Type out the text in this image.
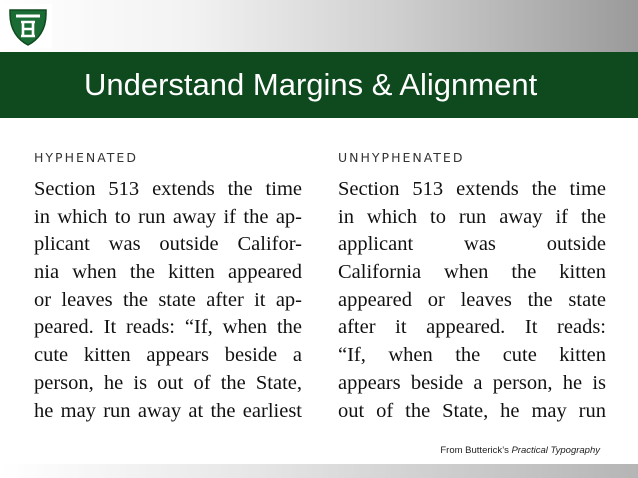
Understand Margins & Alignment
HYPHENATED
Section 513 extends the time
in which to run away if the ap-
plicant was outside Califor-
nia when the kitten appeared
or leaves the state after it ap-
peared. It reads: “If, when the
cute kitten appears beside a
person, he is out of the State,
he may run away at the earliest
UNHYPHENATED
Section 513 extends the time
in which to run away if the
applicant was outside
California when the kitten
appeared or leaves the state
after it appeared. It reads:
“If, when the cute kitten
appears beside a person, he is
out of the State, he may run
From Butterick’s Practical Typography
